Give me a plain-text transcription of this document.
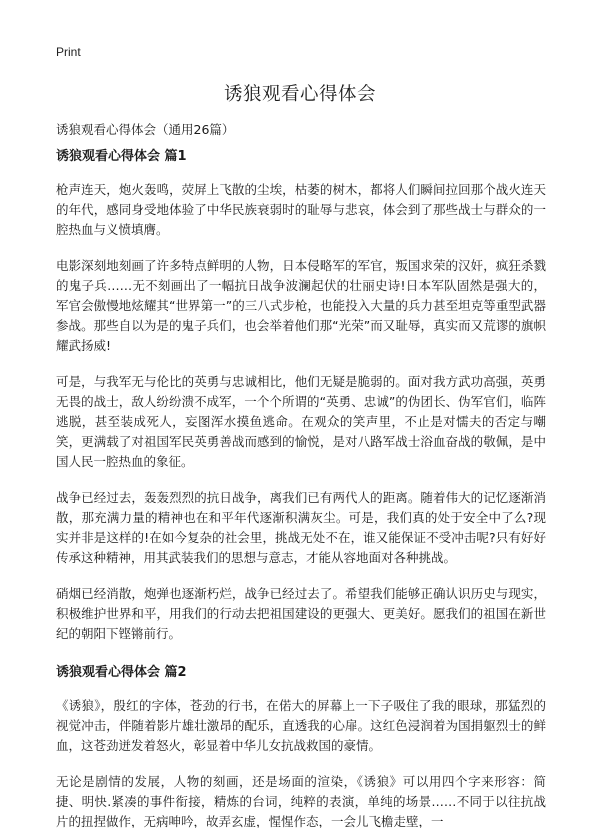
Print
诱狼观看心得体会
诱狼观看心得体会（通用26篇）
诱狼观看心得体会 篇1

枪声连天，炮火轰鸣，荧屏上飞散的尘埃，枯萎的树木，都将人们瞬间拉回那个战火连天的年代，感同身受地体验了中华民族衰弱时的耻辱与悲哀，体会到了那些战士与群众的一腔热血与义愤填膺。

电影深刻地刻画了许多特点鲜明的人物，日本侵略军的军官，叛国求荣的汉奸，疯狂杀戮的鬼子兵……无不刻画出了一幅抗日战争波澜起伏的壮丽史诗!日本军队固然是强大的，军官会傲慢地炫耀其“世界第一”的三八式步枪，也能投入大量的兵力甚至坦克等重型武器参战。那些自以为是的鬼子兵们，也会举着他们那“光荣”而又耻辱，真实而又荒谬的旗帜耀武扬威!

可是，与我军无与伦比的英勇与忠诚相比，他们无疑是脆弱的。面对我方武功高强，英勇无畏的战士，敌人纷纷溃不成军，一个个所谓的“英勇、忠诚”的伪团长、伪军官们，临阵逃脱，甚至装成死人，妄图浑水摸鱼逃命。在观众的笑声里，不止是对懦夫的否定与嘲笑，更满载了对祖国军民英勇善战而感到的愉悦，是对八路军战士浴血奋战的敬佩，是中国人民一腔热血的象征。

战争已经过去，轰轰烈烈的抗日战争，离我们已有两代人的距离。随着伟大的记忆逐渐消散，那充满力量的精神也在和平年代逐渐积满灰尘。可是，我们真的处于安全中了么?现实并非是这样的!在如今复杂的社会里，挑战无处不在，谁又能保证不受冲击呢?只有好好传承这种精神，用其武装我们的思想与意志，才能从容地面对各种挑战。

硝烟已经消散，炮弹也逐渐朽烂，战争已经过去了。希望我们能够正确认识历史与现实，积极维护世界和平，用我们的行动去把祖国建设的更强大、更美好。愿我们的祖国在新世纪的朝阳下铿锵前行。

诱狼观看心得体会 篇2

《诱狼》，殷红的字体，苍劲的行书，在偌大的屏幕上一下子吸住了我的眼球，那猛烈的视觉冲击，伴随着影片雄壮激昂的配乐，直透我的心扉。这红色浸润着为国捐躯烈士的鲜血，这苍劲迸发着怒火，彰显着中华儿女抗战救国的豪情。

无论是剧情的发展，人物的刻画，还是场面的渲染，《诱狼》可以用四个字来形容：简捷、明快.紧凑的事件衔接，精炼的台词，纯粹的表演，单纯的场景……不同于以往抗战片的扭捏做作，无病呻吟，故弄玄虚，惺惺作态，一会儿飞檐走壁，一
